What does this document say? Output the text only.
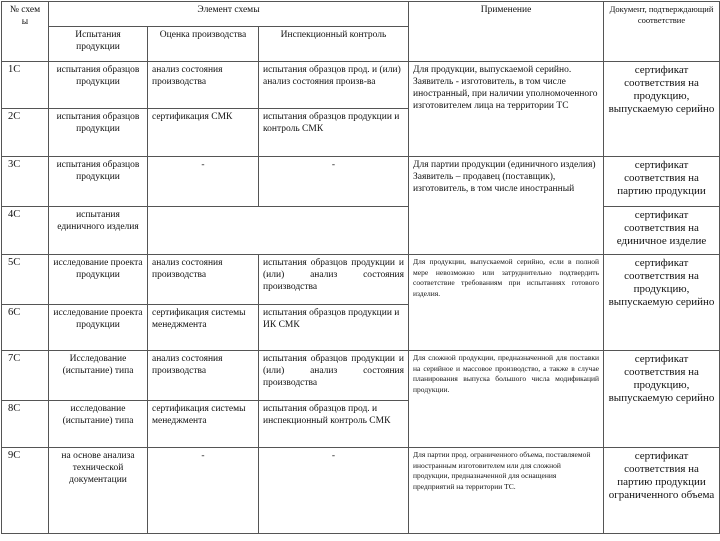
№ схем ы	Элемент схемы			Применение	Документ, подтверждающий соответствие
	Испытания продукции	Оценка производства	Инспекционный контроль		
1С	испытания образцов продукции	анализ состояния производства	испытания образцов прод. и (или) анализ состояния произв-ва	Для продукции, выпускаемой серийно. Заявитель - изготовитель, в том числе иностранный, при наличии уполномоченного изготовителем лица на территории ТС	сертификат соответствия на продукцию, выпускаемую серийно
2С	испытания образцов продукции	сертификация СМК	испытания образцов продукции и контроль СМК		
3С	испытания образцов продукции	-	-	Для партии продукции (единичного изделия) Заявитель – продавец (поставщик), изготовитель, в том числе иностранный	сертификат соответствия на партию продукции
4С	испытания единичного изделия				сертификат соответствия на единичное изделие
5С	исследование проекта продукции	анализ состояния производства	испытания образцов продукции и (или) анализ состояния производства	Для продукции, выпускаемой серийно, если в полной мере невозможно или затруднительно подтвердить соответствие требованиям при испытаниях готового изделия.	сертификат соответствия на продукцию, выпускаемую серийно
6С	исследование проекта продукции	сертификация системы менеджмента	испытания образцов продукции и ИК СМК		
7С	Исследование (испытание) типа	анализ состояния производства	испытания образцов продукции и (или) анализ состояния производства	Для сложной продукции, предназначенной для поставки на серийное и массовое производство, а также в случае планирования выпуска большого числа модификаций продукции.	сертификат соответствия на продукцию, выпускаемую серийно
8С	исследование (испытание) типа	сертификация системы менеджмента	испытания образцов прод. и инспекционный контроль СМК		
9С	на основе анализа технической документации	-	-	Для партии прод. ограниченного объема, поставляемой иностранным изготовителем или для сложной продукции, предназначенной для оснащения предприятий на территории ТС.	сертификат соответствия на партию продукции ограниченного объема
